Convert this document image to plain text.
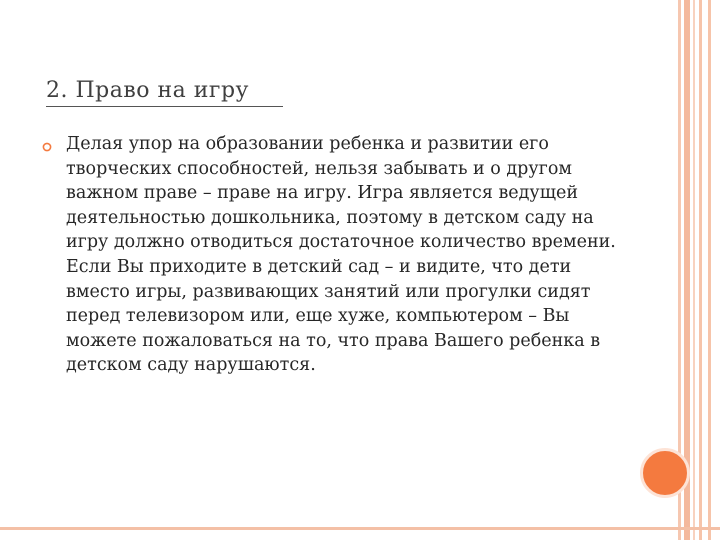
2. Право на игру
Делая упор на образовании ребенка и развитии его
творческих способностей, нельзя забывать и о другом
важном праве – праве на игру. Игра является ведущей
деятельностью дошкольника, поэтому в детском саду на
игру должно отводиться достаточное количество времени.
Если Вы приходите в детский сад – и видите, что дети
вместо игры, развивающих занятий или прогулки сидят
перед телевизором или, еще хуже, компьютером – Вы
можете пожаловаться на то, что права Вашего ребенка в
детском саду нарушаются.
